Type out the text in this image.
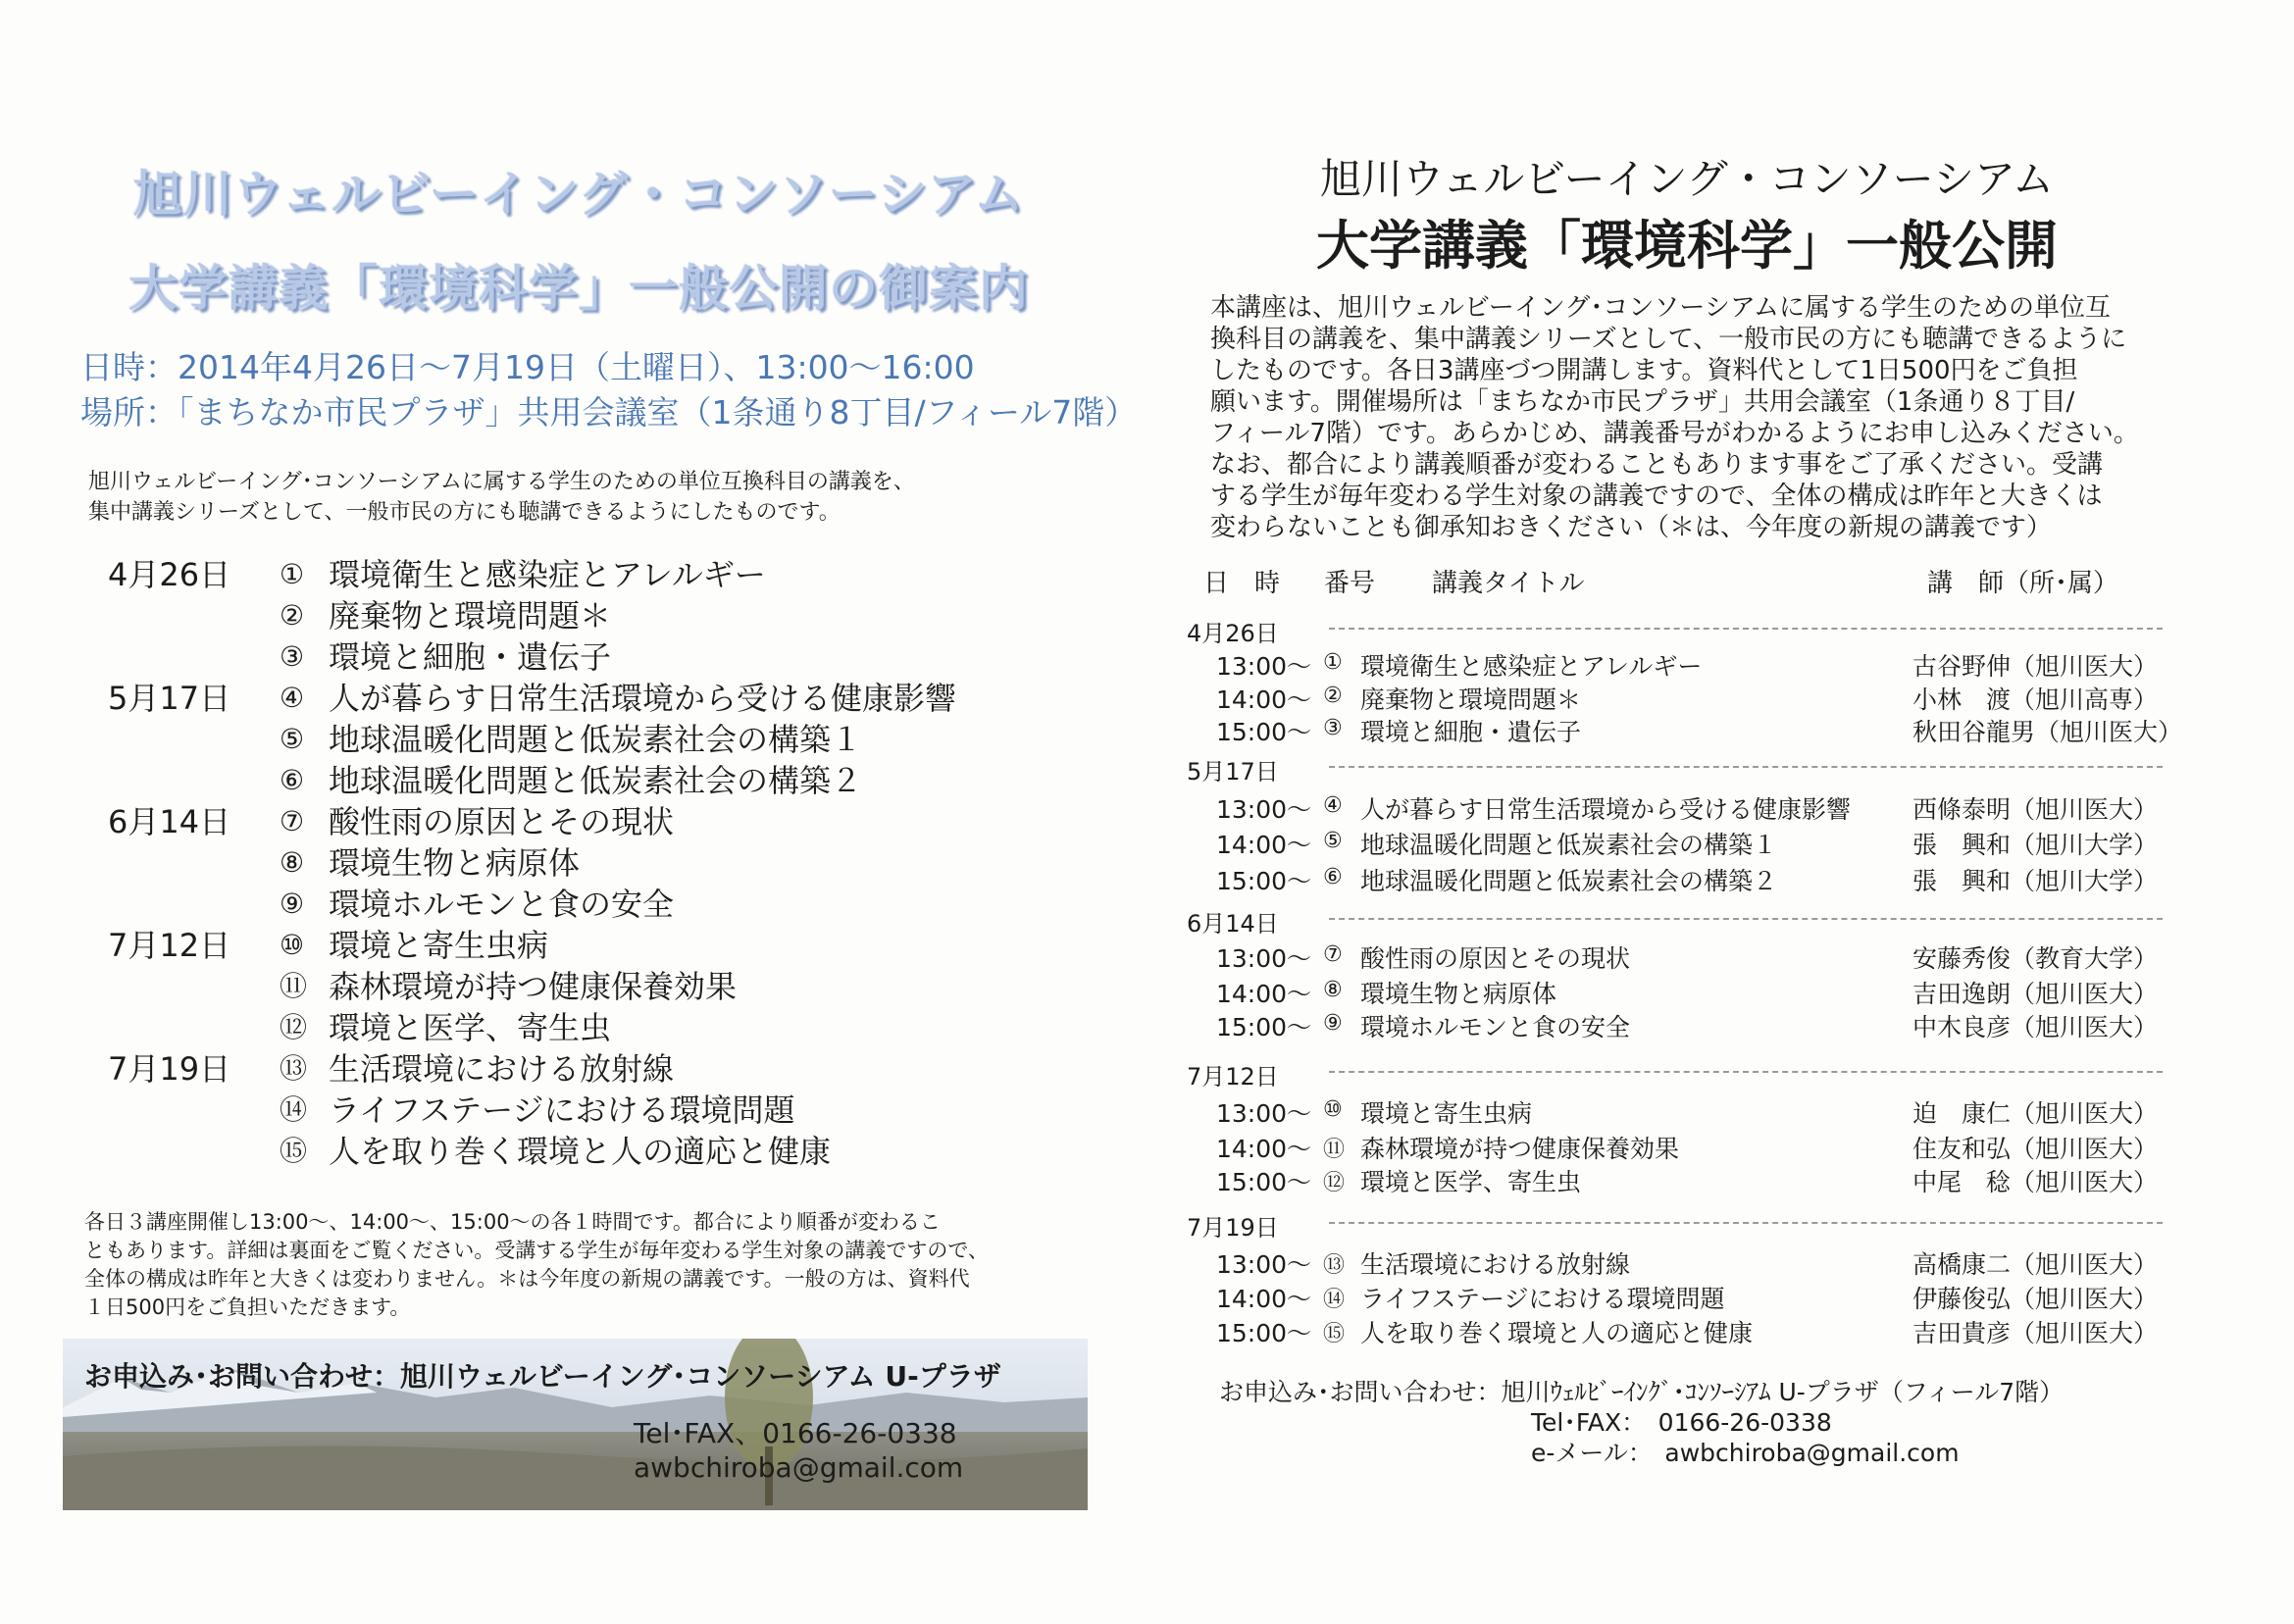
旭川ウェルビーイング・コンソーシアム
大学講義「環境科学」一般公開の御案内
日時：2014年4月26日〜7月19日（土曜日）、13:00〜16:00
場所：「まちなか市民プラザ」共用会議室（1条通り8丁目/フィール7階）
旭川ウェルビーイング･コンソーシアムに属する学生のための単位互換科目の講義を、
集中講義シリーズとして、一般市民の方にも聴講できるようにしたものです。
4月26日	① 環境衛生と感染症とアレルギー
② 廃棄物と環境問題＊
③ 環境と細胞・遺伝子
5月17日	④ 人が暮らす日常生活環境から受ける健康影響
⑤ 地球温暖化問題と低炭素社会の構築１
⑥ 地球温暖化問題と低炭素社会の構築２
6月14日	⑦ 酸性雨の原因とその現状
⑧ 環境生物と病原体
⑨ 環境ホルモンと食の安全
7月12日	⑩ 環境と寄生虫病
⑪ 森林環境が持つ健康保養効果
⑫ 環境と医学、寄生虫
7月19日	⑬ 生活環境における放射線
⑭ ライフステージにおける環境問題
⑮ 人を取り巻く環境と人の適応と健康
各日３講座開催し13:00〜、14:00〜、15:00〜の各１時間です。都合により順番が変わるこ
ともあります。詳細は裏面をご覧ください。受講する学生が毎年変わる学生対象の講義ですので、
全体の構成は昨年と大きくは変わりません。＊は今年度の新規の講義です。一般の方は、資料代
１日500円をご負担いただきます。
お申込み･お問い合わせ：旭川ウェルビーイング･コンソーシアム U-プラザ
Tel･FAX、0166-26-0338
awbchiroba@gmail.com
旭川ウェルビーイング・コンソーシアム
大学講義「環境科学」一般公開
本講座は、旭川ウェルビーイング･コンソーシアムに属する学生のための単位互
換科目の講義を、集中講義シリーズとして、一般市民の方にも聴講できるように
したものです。各日3講座づつ開講します。資料代として1日500円をご負担
願います。開催場所は「まちなか市民プラザ」共用会議室（1条通り８丁目/
フィール7階）です。あらかじめ、講義番号がわかるようにお申し込みください。
なお、都合により講義順番が変わることもあります事をご了承ください。受講
する学生が毎年変わる学生対象の講義ですので、全体の構成は昨年と大きくは
変わらないことも御承知おきください（＊は、今年度の新規の講義です）
日　時 番号 講義タイトル	講　師（所･属）
4月26日
13:00〜 ① 環境衛生と感染症とアレルギー	古谷野伸（旭川医大）
14:00〜 ② 廃棄物と環境問題＊	小林　渡（旭川高専）
15:00〜 ③ 環境と細胞・遺伝子	秋田谷龍男（旭川医大）
5月17日
13:00〜 ④ 人が暮らす日常生活環境から受ける健康影響	西條泰明（旭川医大）
14:00〜 ⑤ 地球温暖化問題と低炭素社会の構築１	張　興和（旭川大学）
15:00〜 ⑥ 地球温暖化問題と低炭素社会の構築２	張　興和（旭川大学）
6月14日
13:00〜 ⑦ 酸性雨の原因とその現状	安藤秀俊（教育大学）
14:00〜 ⑧ 環境生物と病原体	吉田逸朗（旭川医大）
15:00〜 ⑨ 環境ホルモンと食の安全	中木良彦（旭川医大）
7月12日
13:00〜 ⑩ 環境と寄生虫病	迫　康仁（旭川医大）
14:00〜 ⑪ 森林環境が持つ健康保養効果	住友和弘（旭川医大）
15:00〜 ⑫ 環境と医学、寄生虫	中尾　稔（旭川医大）
7月19日
13:00〜 ⑬ 生活環境における放射線	高橋康二（旭川医大）
14:00〜 ⑭ ライフステージにおける環境問題	伊藤俊弘（旭川医大）
15:00〜 ⑮ 人を取り巻く環境と人の適応と健康	吉田貴彦（旭川医大）
お申込み･お問い合わせ：旭川ｳｪﾙﾋﾞｰｲﾝｸﾞ･ｺﾝｿｰｼｱﾑ U-プラザ（フィール7階）
Tel･FAX：　0166-26-0338
e-メール：　awbchiroba@gmail.com
